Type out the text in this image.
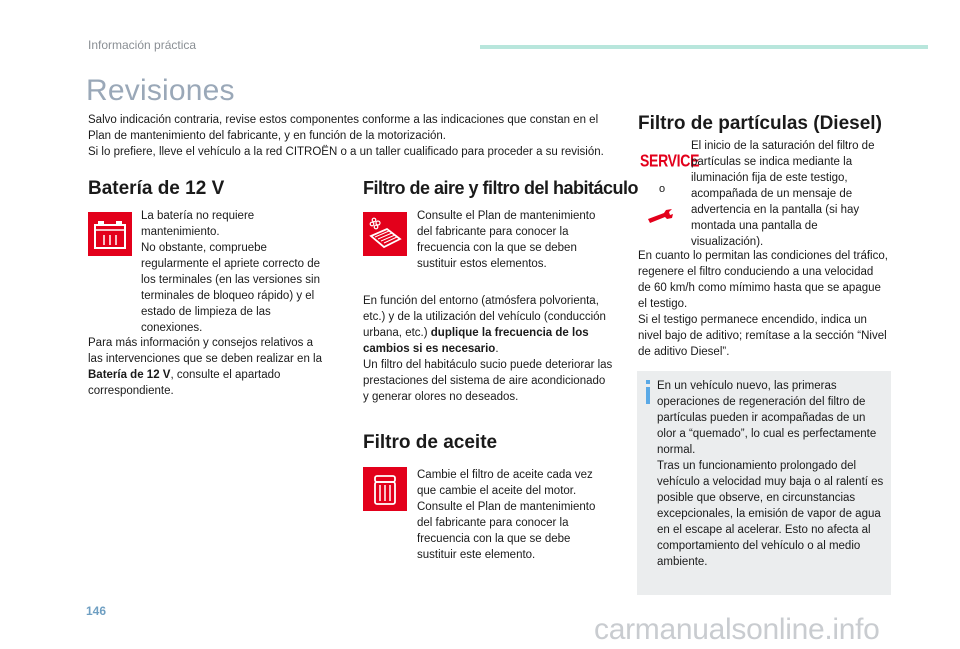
Información práctica
Revisiones

Salvo indicación contraria, revise estos componentes conforme a las indicaciones que constan en el Plan de mantenimiento del fabricante, y en función de la motorización.

Si lo prefiere, lleve el vehículo a la red CITROËN o a un taller cualificado para proceder a su revisión.

Batería de 12 V

La batería no requiere mantenimiento.

No obstante, compruebe regularmente el apriete correcto de los terminales (en las versiones sin terminales de bloqueo rápido) y el estado de limpieza de las conexiones.

Para más información y consejos relativos a las intervenciones que se deben realizar en la Batería de 12 V, consulte el apartado correspondiente.

Filtro de aire y filtro del habitáculo

Consulte el Plan de mantenimiento del fabricante para conocer la frecuencia con la que se deben sustituir estos elementos.

En función del entorno (atmósfera polvorienta, etc.) y de la utilización del vehículo (conducción urbana, etc.) duplique la frecuencia de los cambios si es necesario.

Un filtro del habitáculo sucio puede deteriorar las prestaciones del sistema de aire acondicionado y generar olores no deseados.

Filtro de aceite

Cambie el filtro de aceite cada vez que cambie el aceite del motor.

Consulte el Plan de mantenimiento del fabricante para conocer la frecuencia con la que se debe sustituir este elemento.

Filtro de partículas (Diesel)
SERVICE
o

El inicio de la saturación del filtro de partículas se indica mediante la iluminación fija de este testigo, acompañada de un mensaje de advertencia en la pantalla (si hay montada una pantalla de visualización).

En cuanto lo permitan las condiciones del tráfico, regenere el filtro conduciendo a una velocidad de 60 km/h como mímimo hasta que se apague el testigo.

Si el testigo permanece encendido, indica un nivel bajo de aditivo; remítase a la sección “Nivel de aditivo Diesel”.

En un vehículo nuevo, las primeras operaciones de regeneración del filtro de partículas pueden ir acompañadas de un olor a “quemado”, lo cual es perfectamente normal.

Tras un funcionamiento prolongado del vehículo a velocidad muy baja o al ralentí es posible que observe, en circunstancias excepcionales, la emisión de vapor de agua en el escape al acelerar. Esto no afecta al comportamiento del vehículo o al medio ambiente.

146
carmanualsonline.info
